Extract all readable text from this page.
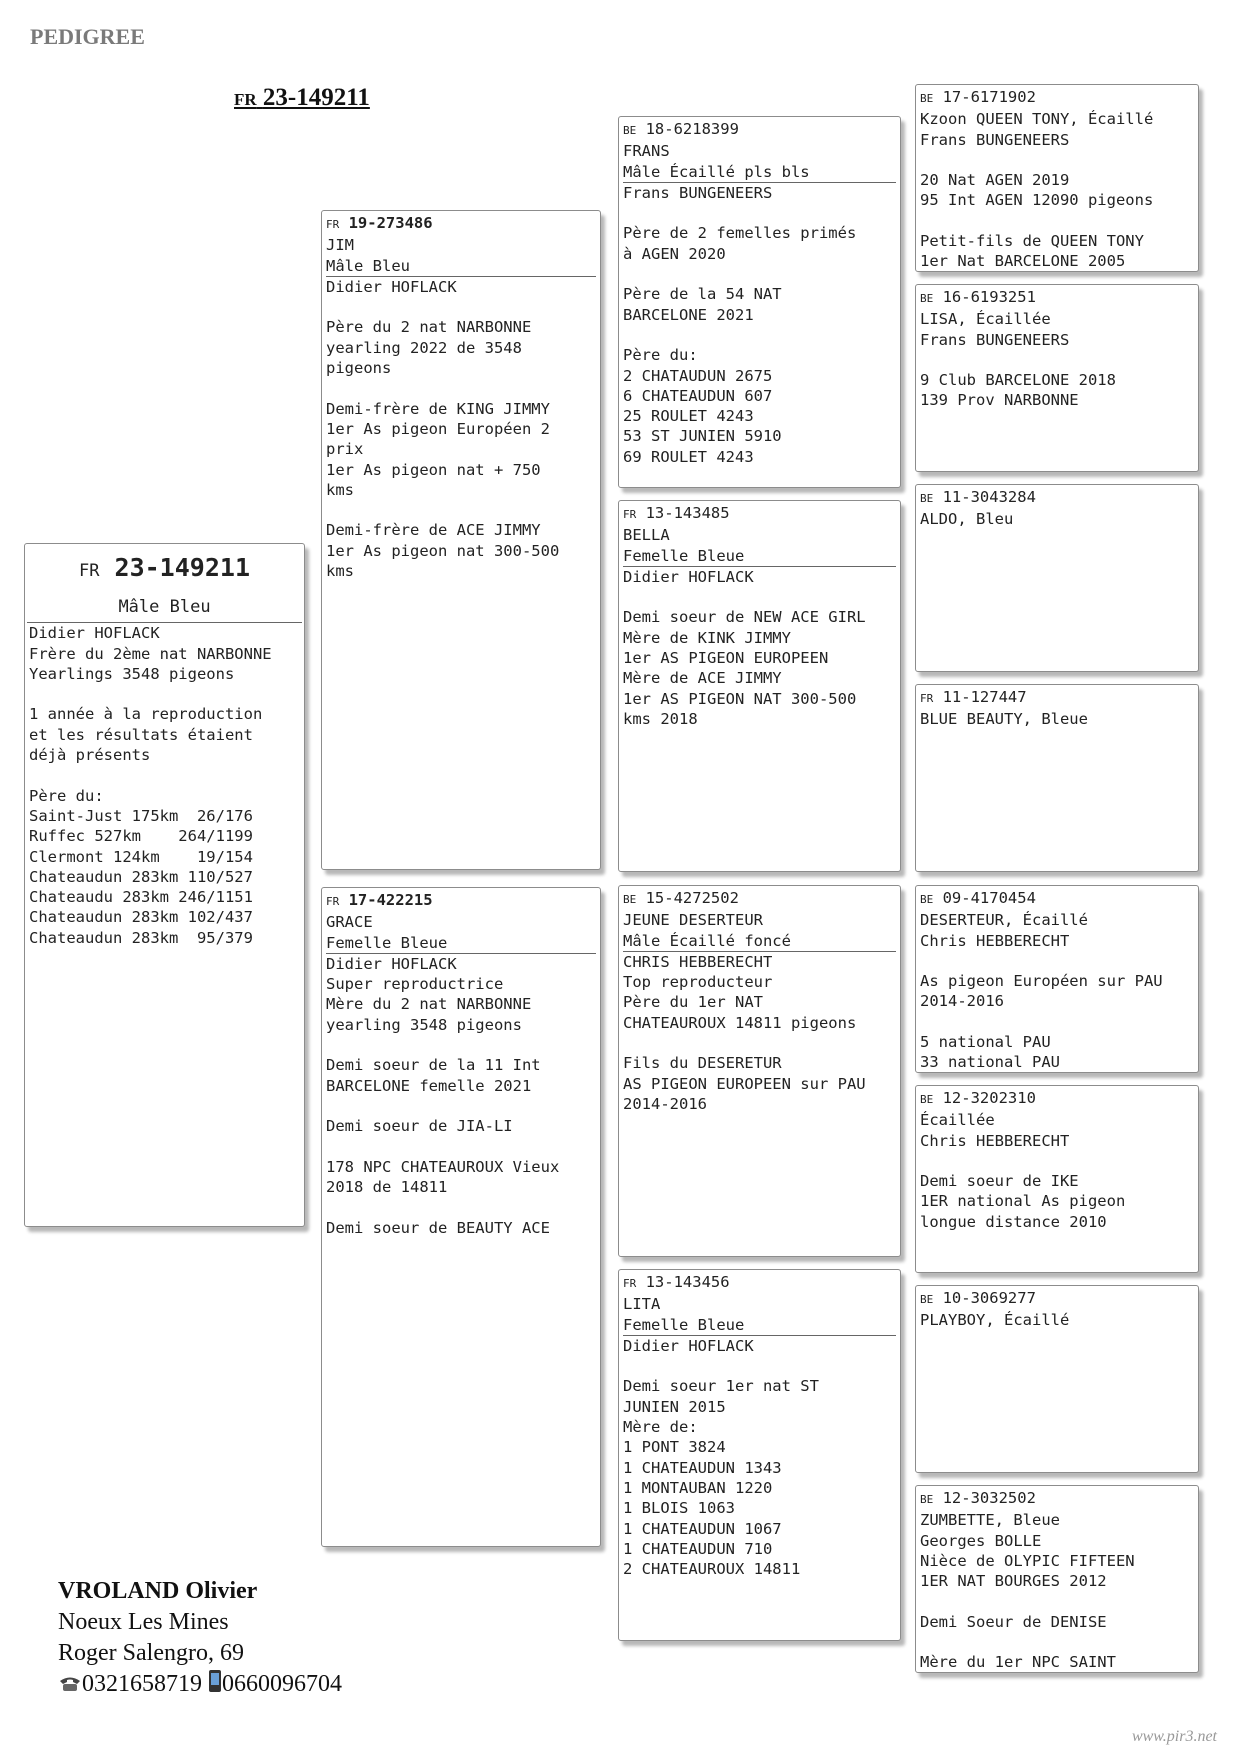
PEDIGREE
FR 23-149211
FR 23-149211
Mâle Bleu
Didier HOFLACK
Frère du 2ème nat NARBONNE
Yearlings 3548 pigeons
1 année à la reproduction
et les résultats étaient
déjà présents
Père du:
Saint-Just 175km  26/176
Ruffec 527km    264/1199
Clermont 124km    19/154
Chateaudun 283km 110/527
Chateaudu 283km 246/1151
Chateaudun 283km 102/437
Chateaudun 283km  95/379
FR 19-273486
JIM
Mâle Bleu
Didier HOFLACK
Père du 2 nat NARBONNE
yearling 2022 de 3548
pigeons
Demi-frère de KING JIMMY
1er As pigeon Européen 2
prix
1er As pigeon nat + 750
kms
Demi-frère de ACE JIMMY
1er As pigeon nat 300-500
kms
FR 17-422215
GRACE
Femelle Bleue
Didier HOFLACK
Super reproductrice
Mère du 2 nat NARBONNE
yearling 3548 pigeons
Demi soeur de la 11 Int
BARCELONE femelle 2021
Demi soeur de JIA-LI
178 NPC CHATEAUROUX Vieux
2018 de 14811
Demi soeur de BEAUTY ACE
BE 18-6218399
FRANS
Mâle Écaillé pls bls
Frans BUNGENEERS
Père de 2 femelles primés
à AGEN 2020
Père de la 54 NAT
BARCELONE 2021
Père du:
2 CHATAUDUN 2675
6 CHATEAUDUN 607
25 ROULET 4243
53 ST JUNIEN 5910
69 ROULET 4243
FR 13-143485
BELLA
Femelle Bleue
Didier HOFLACK
Demi soeur de NEW ACE GIRL
Mère de KINK JIMMY
1er AS PIGEON EUROPEEN
Mère de ACE JIMMY
1er AS PIGEON NAT 300-500
kms 2018
BE 15-4272502
JEUNE DESERTEUR
Mâle Écaillé foncé
CHRIS HEBBERECHT
Top reproducteur
Père du 1er NAT
CHATEAUROUX 14811 pigeons
Fils du DESERETUR
AS PIGEON EUROPEEN sur PAU
2014-2016
FR 13-143456
LITA
Femelle Bleue
Didier HOFLACK
Demi soeur 1er nat ST
JUNIEN 2015
Mère de:
1 PONT 3824
1 CHATEAUDUN 1343
1 MONTAUBAN 1220
1 BLOIS 1063
1 CHATEAUDUN 1067
1 CHATEAUDUN 710
2 CHATEAUROUX 14811
BE 17-6171902
Kzoon QUEEN TONY, Écaillé
Frans BUNGENEERS
20 Nat AGEN 2019
95 Int AGEN 12090 pigeons
Petit-fils de QUEEN TONY
1er Nat BARCELONE 2005
BE 16-6193251
LISA, Écaillée
Frans BUNGENEERS
9 Club BARCELONE 2018
139 Prov NARBONNE
BE 11-3043284
ALDO, Bleu
FR 11-127447
BLUE BEAUTY, Bleue
BE 09-4170454
DESERTEUR, Écaillé
Chris HEBBERECHT
As pigeon Européen sur PAU
2014-2016
5 national PAU
33 national PAU
BE 12-3202310
Écaillée
Chris HEBBERECHT
Demi soeur de IKE
1ER national As pigeon
longue distance 2010
BE 10-3069277
PLAYBOY, Écaillé
BE 12-3032502
ZUMBETTE, Bleue
Georges BOLLE
Nièce de OLYPIC FIFTEEN
1ER NAT BOURGES 2012
Demi Soeur de DENISE
Mère du 1er NPC SAINT
VROLAND Olivier
Noeux Les Mines
Roger Salengro, 69
0321658719 0660096704
www.pir3.net
